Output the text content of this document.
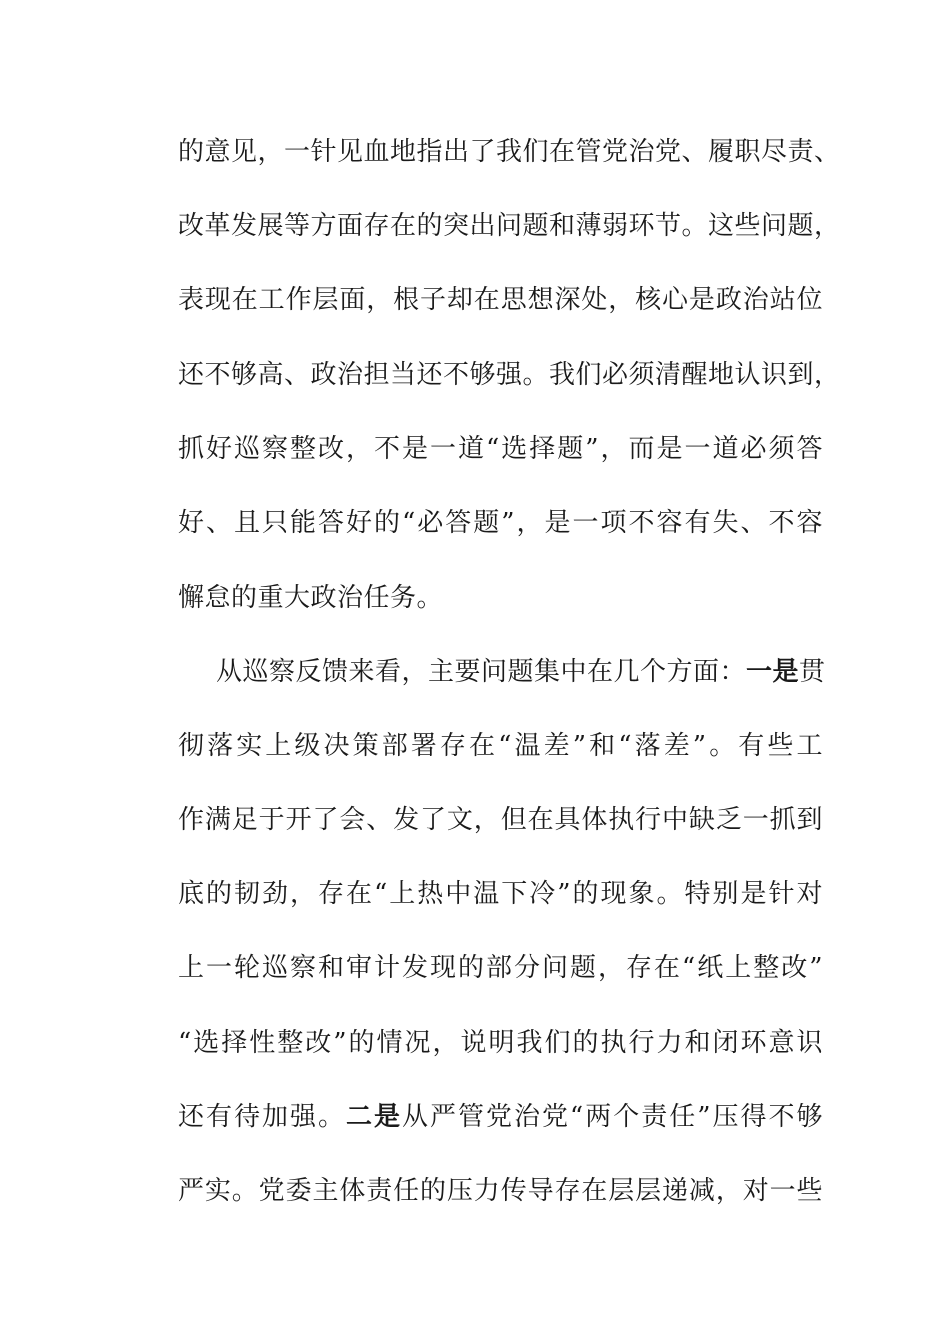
的意见，一针见血地指出了我们在管党治党、履职尽责、
改革发展等方面存在的突出问题和薄弱环节。这些问题，
表现在工作层面，根子却在思想深处，核心是政治站位
还不够高、政治担当还不够强。我们必须清醒地认识到，
抓好巡察整改，不是一道“选择题”，而是一道必须答
好、且只能答好的“必答题”，是一项不容有失、不容
懈怠的重大政治任务。
从巡察反馈来看，主要问题集中在几个方面：一是贯
彻落实上级决策部署存在“温差”和“落差”。有些工
作满足于开了会、发了文，但在具体执行中缺乏一抓到
底的韧劲，存在“上热中温下冷”的现象。特别是针对
上一轮巡察和审计发现的部分问题，存在“纸上整改”
“选择性整改”的情况，说明我们的执行力和闭环意识
还有待加强。二是从严管党治党“两个责任”压得不够
严实。党委主体责任的压力传导存在层层递减，对一些
